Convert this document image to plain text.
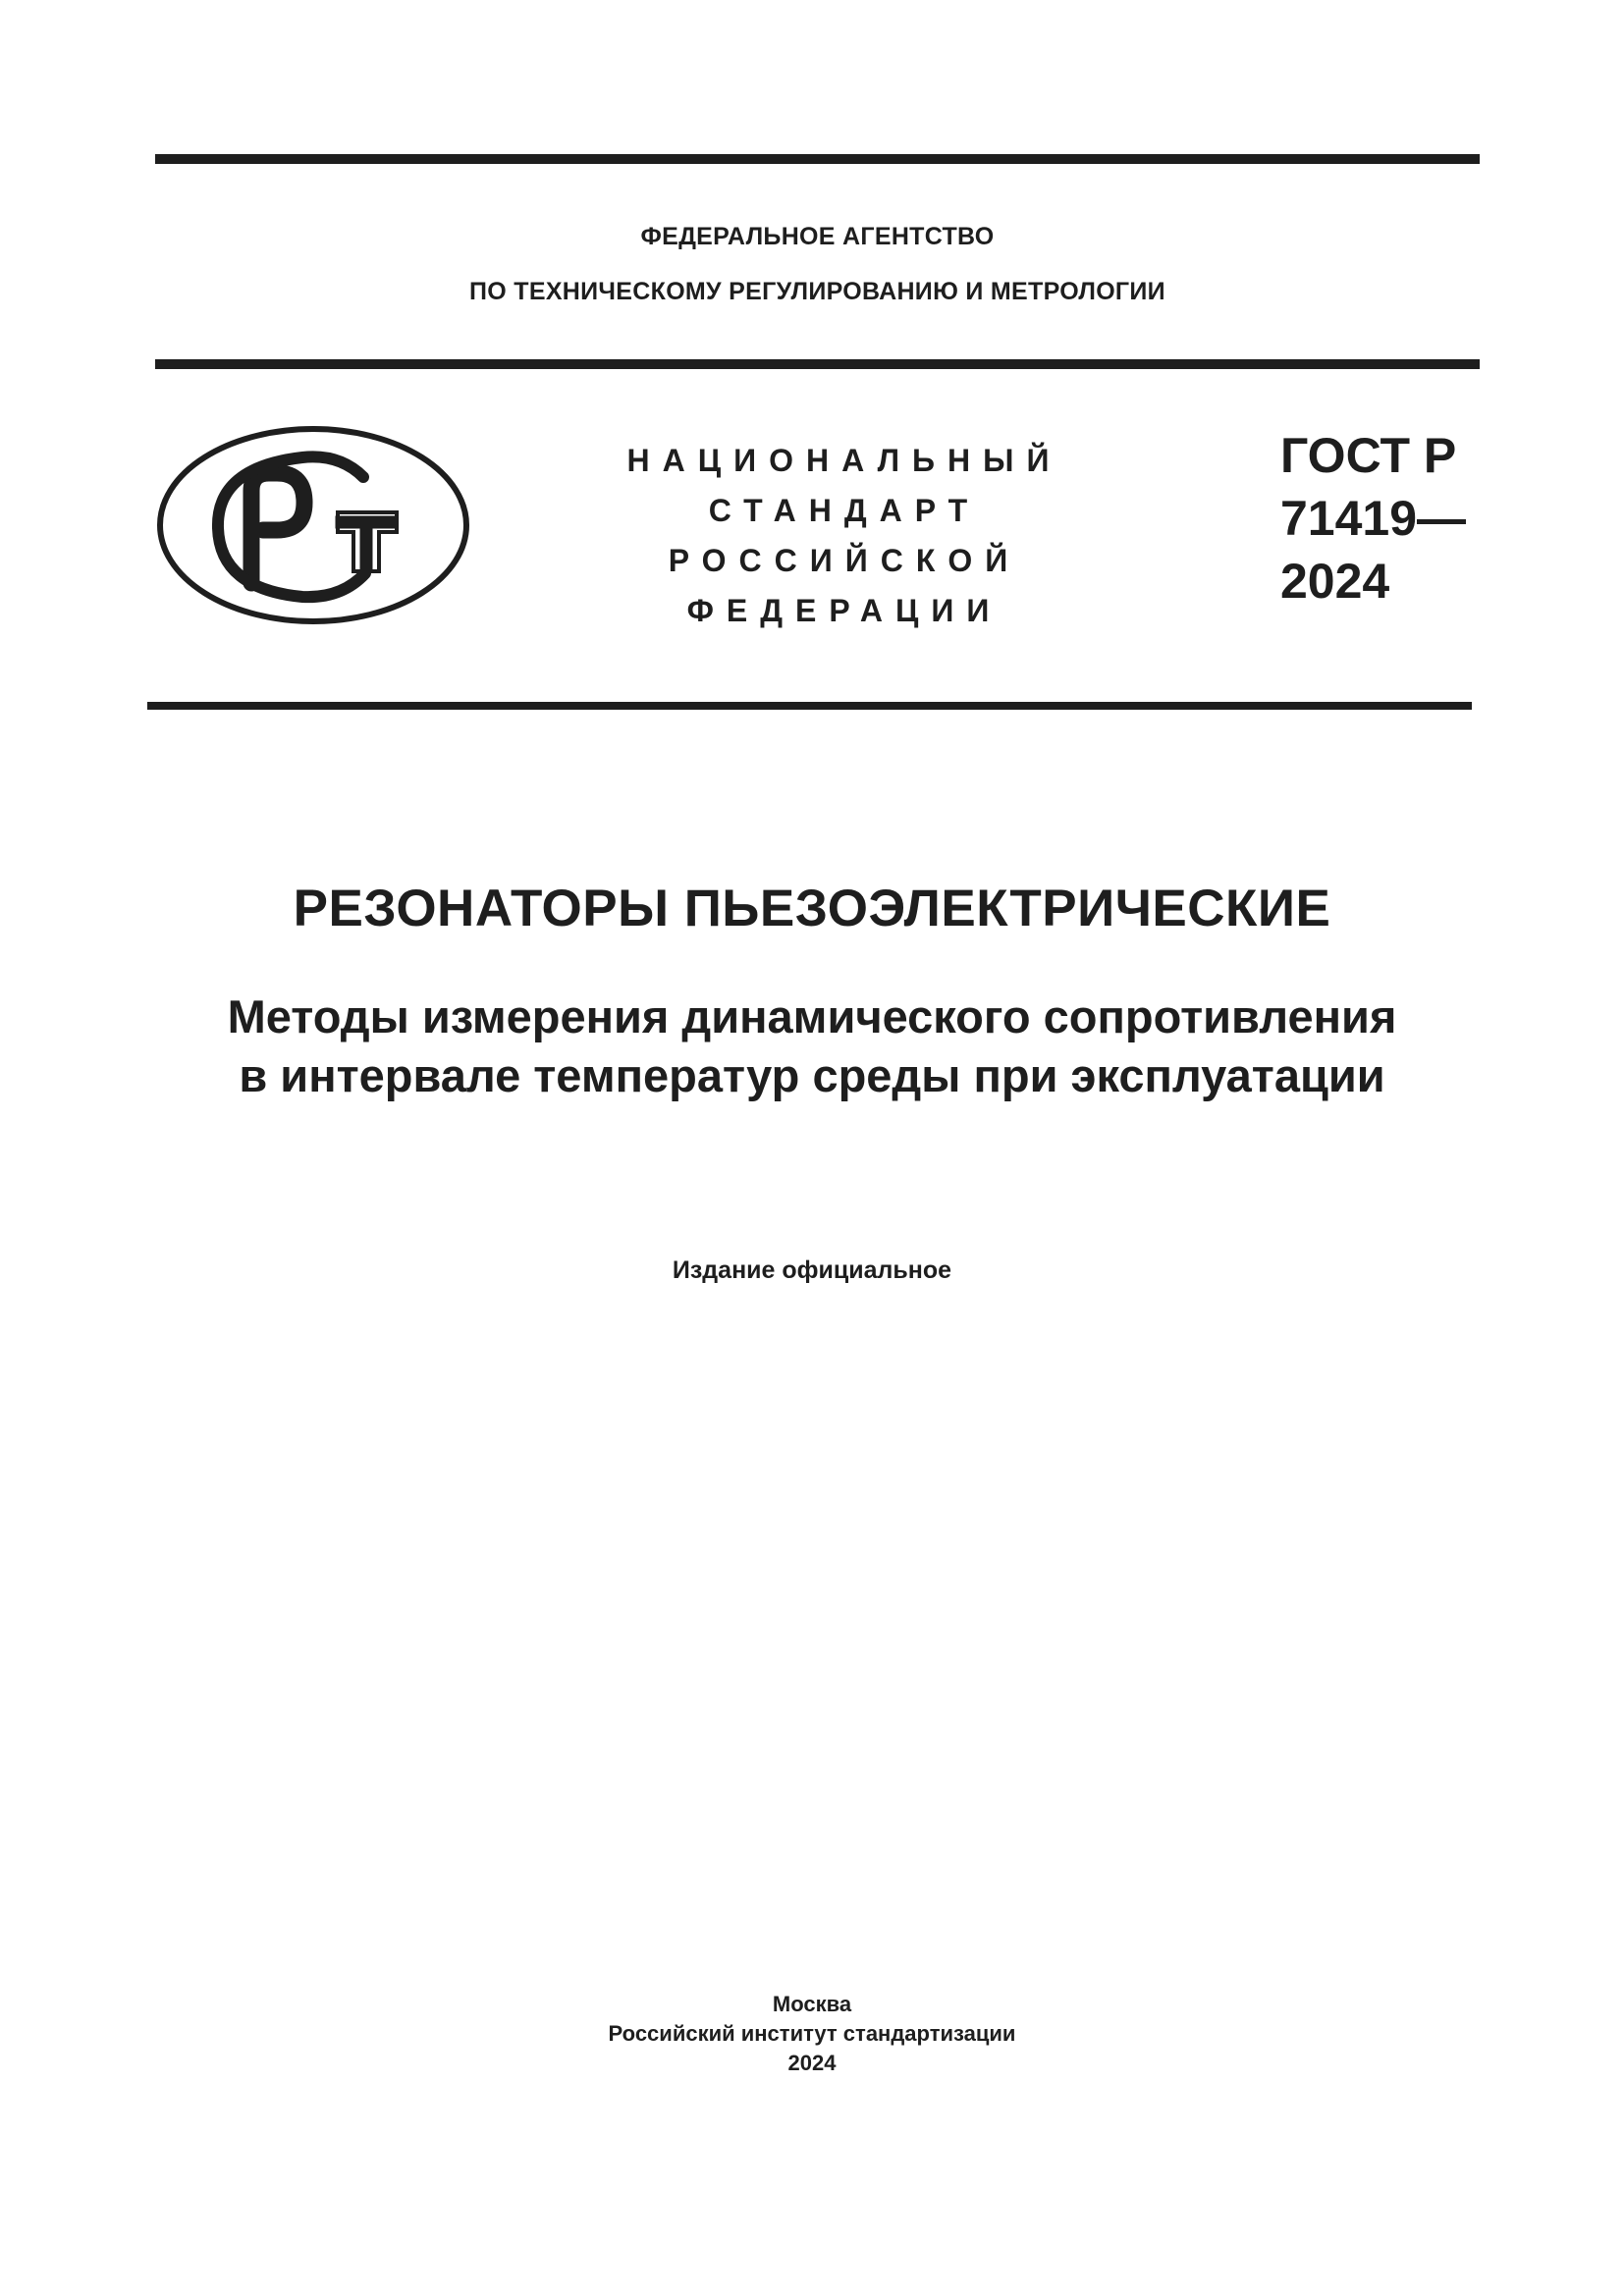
ФЕДЕРАЛЬНОЕ АГЕНТСТВО
ПО ТЕХНИЧЕСКОМУ РЕГУЛИРОВАНИЮ И МЕТРОЛОГИИ
НАЦИОНАЛЬНЫЙ
СТАНДАРТ
РОССИЙСКОЙ
ФЕДЕРАЦИИ
ГОСТ Р
71419—
2024
РЕЗОНАТОРЫ ПЬЕЗОЭЛЕКТРИЧЕСКИЕ
Методы измерения динамического сопротивления
в интервале температур среды при эксплуатации
Издание официальное
Москва
Российский институт стандартизации
2024
